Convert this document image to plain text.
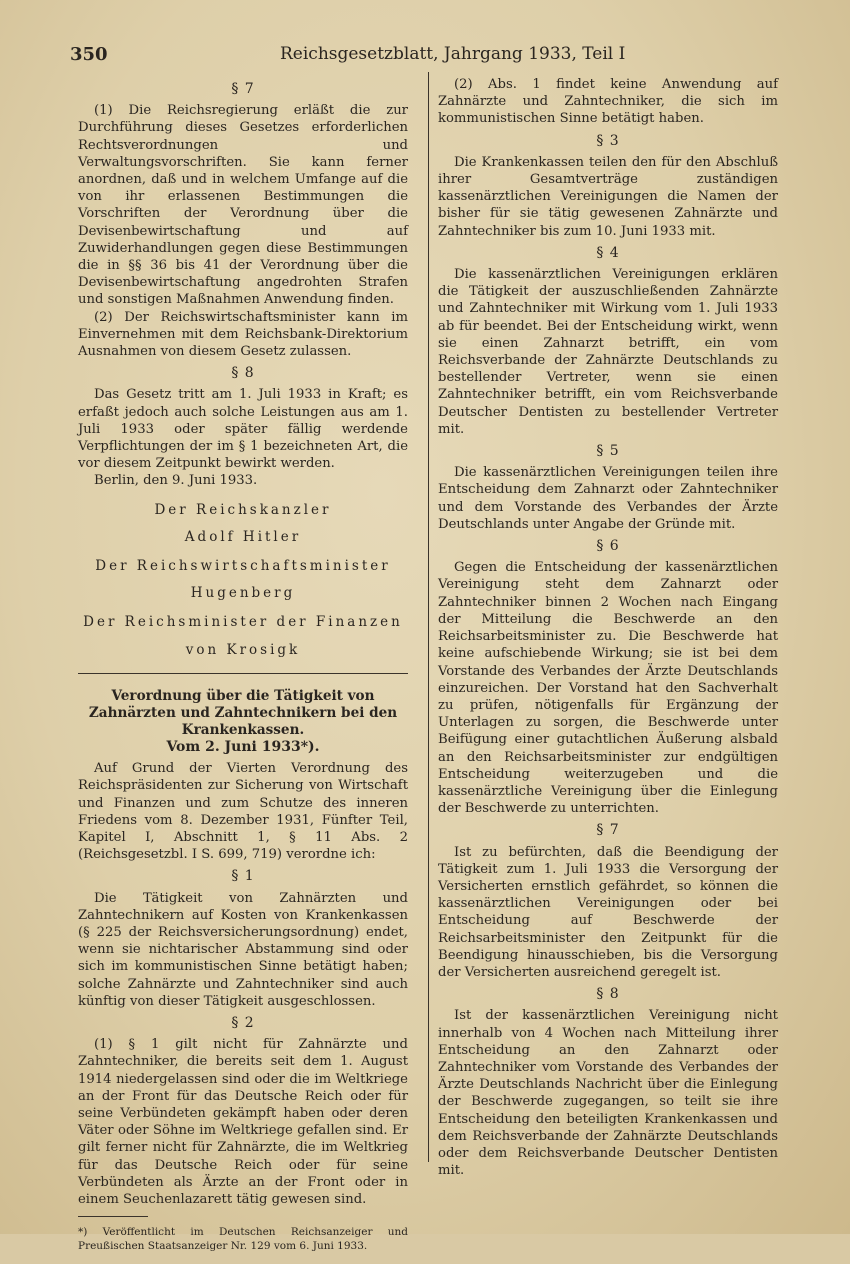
350	Reichsgesetzblatt, Jahrgang 1933, Teil I

§ 7

(1) Die Reichsregierung erläßt die zur Durchführung dieses Gesetzes erforderlichen Rechtsverordnungen und Verwaltungsvorschriften. Sie kann ferner anordnen, daß und in welchem Umfange auf die von ihr erlassenen Bestimmungen die Vorschriften der Verordnung über die Devisenbewirtschaftung und auf Zuwiderhandlungen gegen diese Bestimmungen die in §§ 36 bis 41 der Verordnung über die Devisenbewirtschaftung angedrohten Strafen und sonstigen Maßnahmen Anwendung finden.

(2) Der Reichswirtschaftsminister kann im Einvernehmen mit dem Reichsbank-Direktorium Ausnahmen von diesem Gesetz zulassen.

§ 8

Das Gesetz tritt am 1. Juli 1933 in Kraft; es erfaßt jedoch auch solche Leistungen aus am 1. Juli 1933 oder später fällig werdende Verpflichtungen der im § 1 bezeichneten Art, die vor diesem Zeitpunkt bewirkt werden.

Berlin, den 9. Juni 1933.

Der Reichskanzler

Adolf Hitler

Der Reichswirtschaftsminister

Hugenberg

Der Reichsminister der Finanzen

von Krosigk

Verordnung über die Tätigkeit von Zahnärzten und Zahntechnikern bei den Krankenkassen.

Vom 2. Juni 1933*).

Auf Grund der Vierten Verordnung des Reichspräsidenten zur Sicherung von Wirtschaft und Finanzen und zum Schutze des inneren Friedens vom 8. Dezember 1931, Fünfter Teil, Kapitel I, Abschnitt 1, § 11 Abs. 2 (Reichsgesetzbl. I S. 699, 719) verordne ich:

§ 1

Die Tätigkeit von Zahnärzten und Zahntechnikern auf Kosten von Krankenkassen (§ 225 der Reichsversicherungsordnung) endet, wenn sie nichtarischer Abstammung sind oder sich im kommunistischen Sinne betätigt haben; solche Zahnärzte und Zahntechniker sind auch künftig von dieser Tätigkeit ausgeschlossen.

§ 2

(1) § 1 gilt nicht für Zahnärzte und Zahntechniker, die bereits seit dem 1. August 1914 niedergelassen sind oder die im Weltkriege an der Front für das Deutsche Reich oder für seine Verbündeten gekämpft haben oder deren Väter oder Söhne im Weltkriege gefallen sind. Er gilt ferner nicht für Zahnärzte, die im Weltkrieg für das Deutsche Reich oder für seine Verbündeten als Ärzte an der Front oder in einem Seuchenlazarett tätig gewesen sind.

*) Veröffentlicht im Deutschen Reichsanzeiger und Preußischen Staatsanzeiger Nr. 129 vom 6. Juni 1933.

(2) Abs. 1 findet keine Anwendung auf Zahnärzte und Zahntechniker, die sich im kommunistischen Sinne betätigt haben.

§ 3

Die Krankenkassen teilen den für den Abschluß ihrer Gesamtverträge zuständigen kassenärztlichen Vereinigungen die Namen der bisher für sie tätig gewesenen Zahnärzte und Zahntechniker bis zum 10. Juni 1933 mit.

§ 4

Die kassenärztlichen Vereinigungen erklären die Tätigkeit der auszuschließenden Zahnärzte und Zahntechniker mit Wirkung vom 1. Juli 1933 ab für beendet. Bei der Entscheidung wirkt, wenn sie einen Zahnarzt betrifft, ein vom Reichsverbande der Zahnärzte Deutschlands zu bestellender Vertreter, wenn sie einen Zahntechniker betrifft, ein vom Reichsverbande Deutscher Dentisten zu bestellender Vertreter mit.

§ 5

Die kassenärztlichen Vereinigungen teilen ihre Entscheidung dem Zahnarzt oder Zahntechniker und dem Vorstande des Verbandes der Ärzte Deutschlands unter Angabe der Gründe mit.

§ 6

Gegen die Entscheidung der kassenärztlichen Vereinigung steht dem Zahnarzt oder Zahntechniker binnen 2 Wochen nach Eingang der Mitteilung die Beschwerde an den Reichsarbeitsminister zu. Die Beschwerde hat keine aufschiebende Wirkung; sie ist bei dem Vorstande des Verbandes der Ärzte Deutschlands einzureichen. Der Vorstand hat den Sachverhalt zu prüfen, nötigenfalls für Ergänzung der Unterlagen zu sorgen, die Beschwerde unter Beifügung einer gutachtlichen Äußerung alsbald an den Reichsarbeitsminister zur endgültigen Entscheidung weiterzugeben und die kassenärztliche Vereinigung über die Einlegung der Beschwerde zu unterrichten.

§ 7

Ist zu befürchten, daß die Beendigung der Tätigkeit zum 1. Juli 1933 die Versorgung der Versicherten ernstlich gefährdet, so können die kassenärztlichen Vereinigungen oder bei Entscheidung auf Beschwerde der Reichsarbeitsminister den Zeitpunkt für die Beendigung hinausschieben, bis die Versorgung der Versicherten ausreichend geregelt ist.

§ 8

Ist der kassenärztlichen Vereinigung nicht innerhalb von 4 Wochen nach Mitteilung ihrer Entscheidung an den Zahnarzt oder Zahntechniker vom Vorstande des Verbandes der Ärzte Deutschlands Nachricht über die Einlegung der Beschwerde zugegangen, so teilt sie ihre Entscheidung den beteiligten Krankenkassen und dem Reichsverbande der Zahnärzte Deutschlands oder dem Reichsverbande Deutscher Dentisten mit.
